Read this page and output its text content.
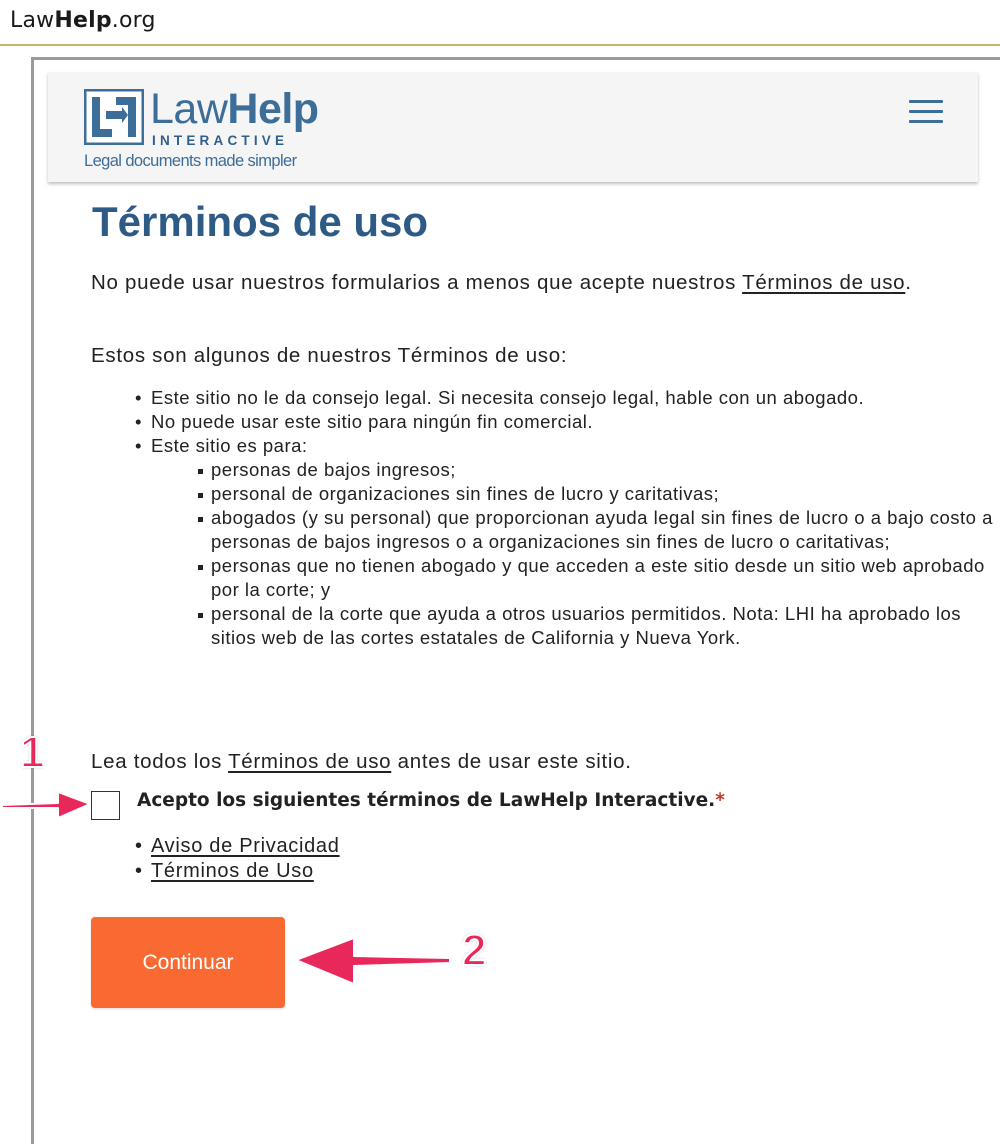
LawHelp.org
LawHelp
INTERACTIVE
Legal documents made simpler
Términos de uso

No puede usar nuestros formularios a menos que acepte nuestros Términos de uso.

Estos son algunos de nuestros Términos de uso:

• Este sitio no le da consejo legal. Si necesita consejo legal, hable con un abogado.
• No puede usar este sitio para ningún fin comercial.
• Este sitio es para:
personas de bajos ingresos;
personal de organizaciones sin fines de lucro y caritativas;
abogados (y su personal) que proporcionan ayuda legal sin fines de lucro o a bajo costo a personas de bajos ingresos o a organizaciones sin fines de lucro o caritativas;
personas que no tienen abogado y que acceden a este sitio desde un sitio web aprobado por la corte; y
personal de la corte que ayuda a otros usuarios permitidos. Nota: LHI ha aprobado los sitios web de las cortes estatales de California y Nueva York.

Lea todos los Términos de uso antes de usar este sitio.

Acepto los siguientes términos de LawHelp Interactive.*
• Aviso de Privacidad
• Términos de Uso
Continuar
1
2
